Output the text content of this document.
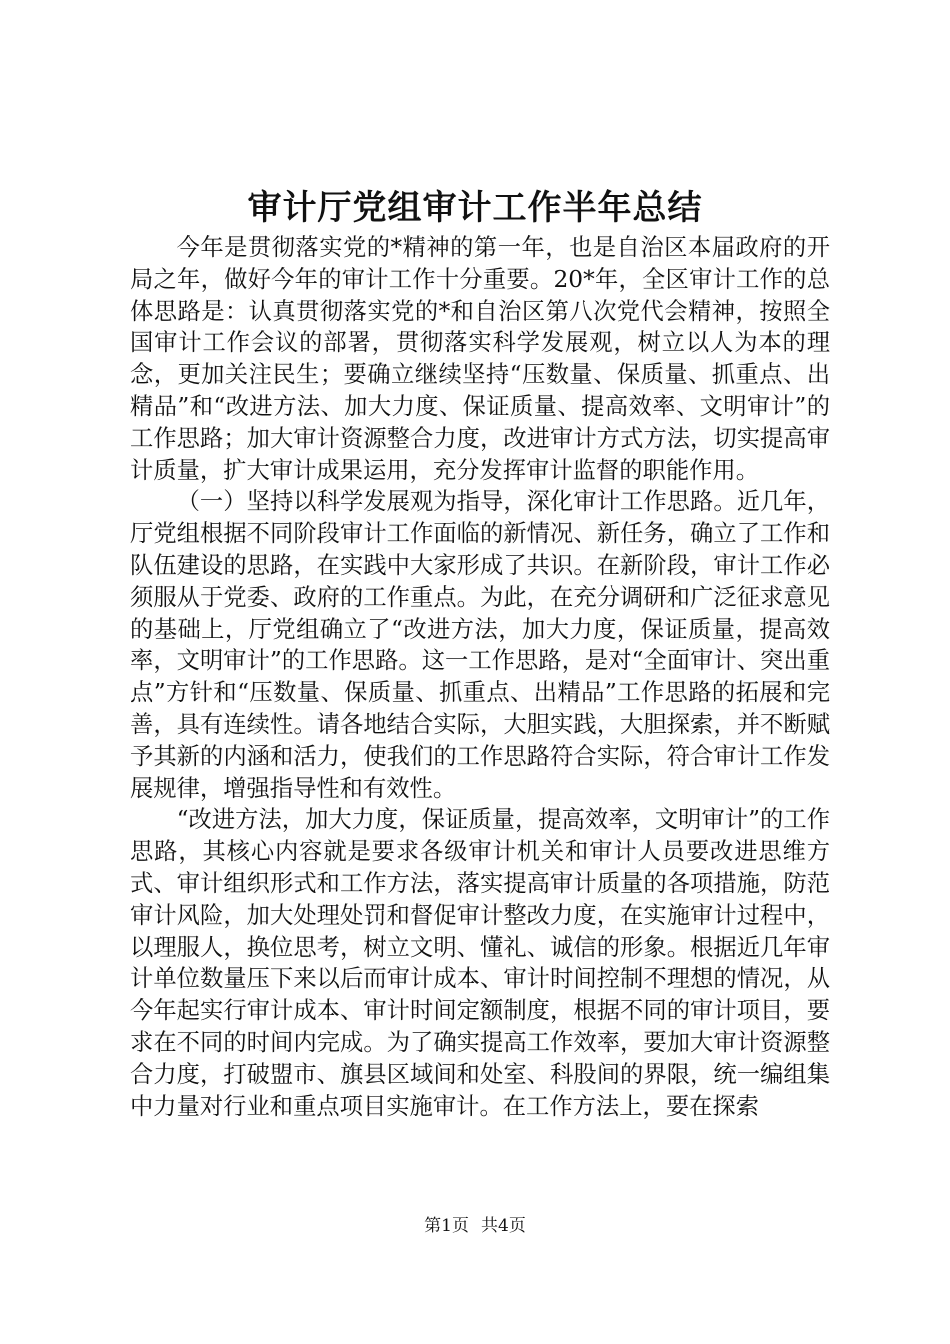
审计厅党组审计工作半年总结

今年是贯彻落实党的*精神的第一年，也是自治区本届政府的开局之年，做好今年的审计工作十分重要。20*年，全区审计工作的总体思路是：认真贯彻落实党的*和自治区第八次党代会精神，按照全国审计工作会议的部署，贯彻落实科学发展观，树立以人为本的理念，更加关注民生；要确立继续坚持“压数量、保质量、抓重点、出精品”和“改进方法、加大力度、保证质量、提高效率、文明审计”的工作思路；加大审计资源整合力度，改进审计方式方法，切实提高审计质量，扩大审计成果运用，充分发挥审计监督的职能作用。

（一）坚持以科学发展观为指导，深化审计工作思路。近几年，厅党组根据不同阶段审计工作面临的新情况、新任务，确立了工作和队伍建设的思路，在实践中大家形成了共识。在新阶段，审计工作必须服从于党委、政府的工作重点。为此，在充分调研和广泛征求意见的基础上，厅党组确立了“改进方法，加大力度，保证质量，提高效率，文明审计”的工作思路。这一工作思路，是对“全面审计、突出重点”方针和“压数量、保质量、抓重点、出精品”工作思路的拓展和完善，具有连续性。请各地结合实际，大胆实践，大胆探索，并不断赋予其新的内涵和活力，使我们的工作思路符合实际，符合审计工作发展规律，增强指导性和有效性。

“改进方法，加大力度，保证质量，提高效率，文明审计”的工作思路，其核心内容就是要求各级审计机关和审计人员要改进思维方式、审计组织形式和工作方法，落实提高审计质量的各项措施，防范审计风险，加大处理处罚和督促审计整改力度，在实施审计过程中，以理服人，换位思考，树立文明、懂礼、诚信的形象。根据近几年审计单位数量压下来以后而审计成本、审计时间控制不理想的情况，从今年起实行审计成本、审计时间定额制度，根据不同的审计项目，要求在不同的时间内完成。为了确实提高工作效率，要加大审计资源整合力度，打破盟市、旗县区域间和处室、科股间的界限，统一编组集中力量对行业和重点项目实施审计。在工作方法上，要在探索

第1页 共4页
